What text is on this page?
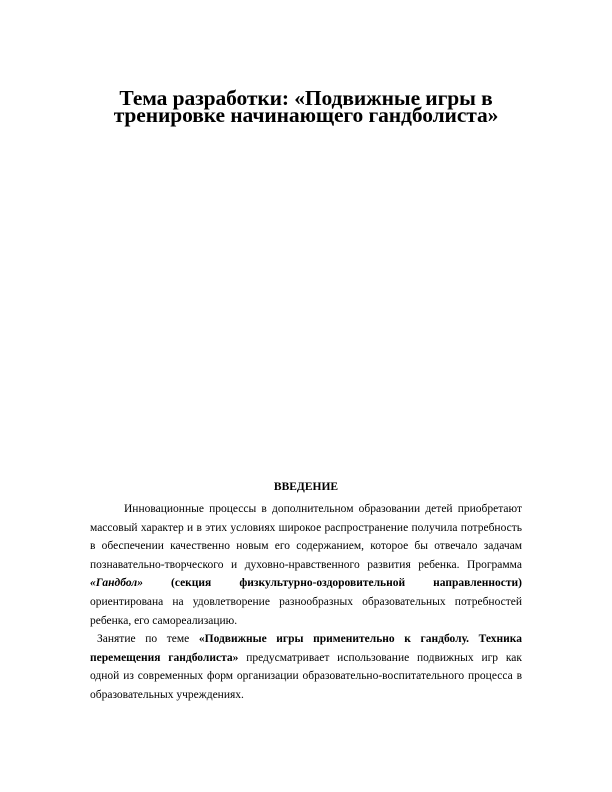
Тема разработки: «Подвижные игры в
тренировке начинающего гандболиста»
ВВЕДЕНИЕ

Инновационные процессы в дополнительном образовании детей приобретают массовый характер и в этих условиях широкое распространение получила потребность в обеспечении качественно новым его содержанием, которое бы отвечало задачам познавательно-творческого и духовно-нравственного развития ребенка. Программа «Гандбол» (секция физкультурно-оздоровительной направленности) ориентирована на удовлетворение разнообразных образовательных потребностей ребенка, его самореализацию.

Занятие по теме «Подвижные игры применительно к гандболу. Техника перемещения гандболиста» предусматривает использование подвижных игр как одной из современных форм организации образовательно-воспитательного процесса в образовательных учреждениях.
